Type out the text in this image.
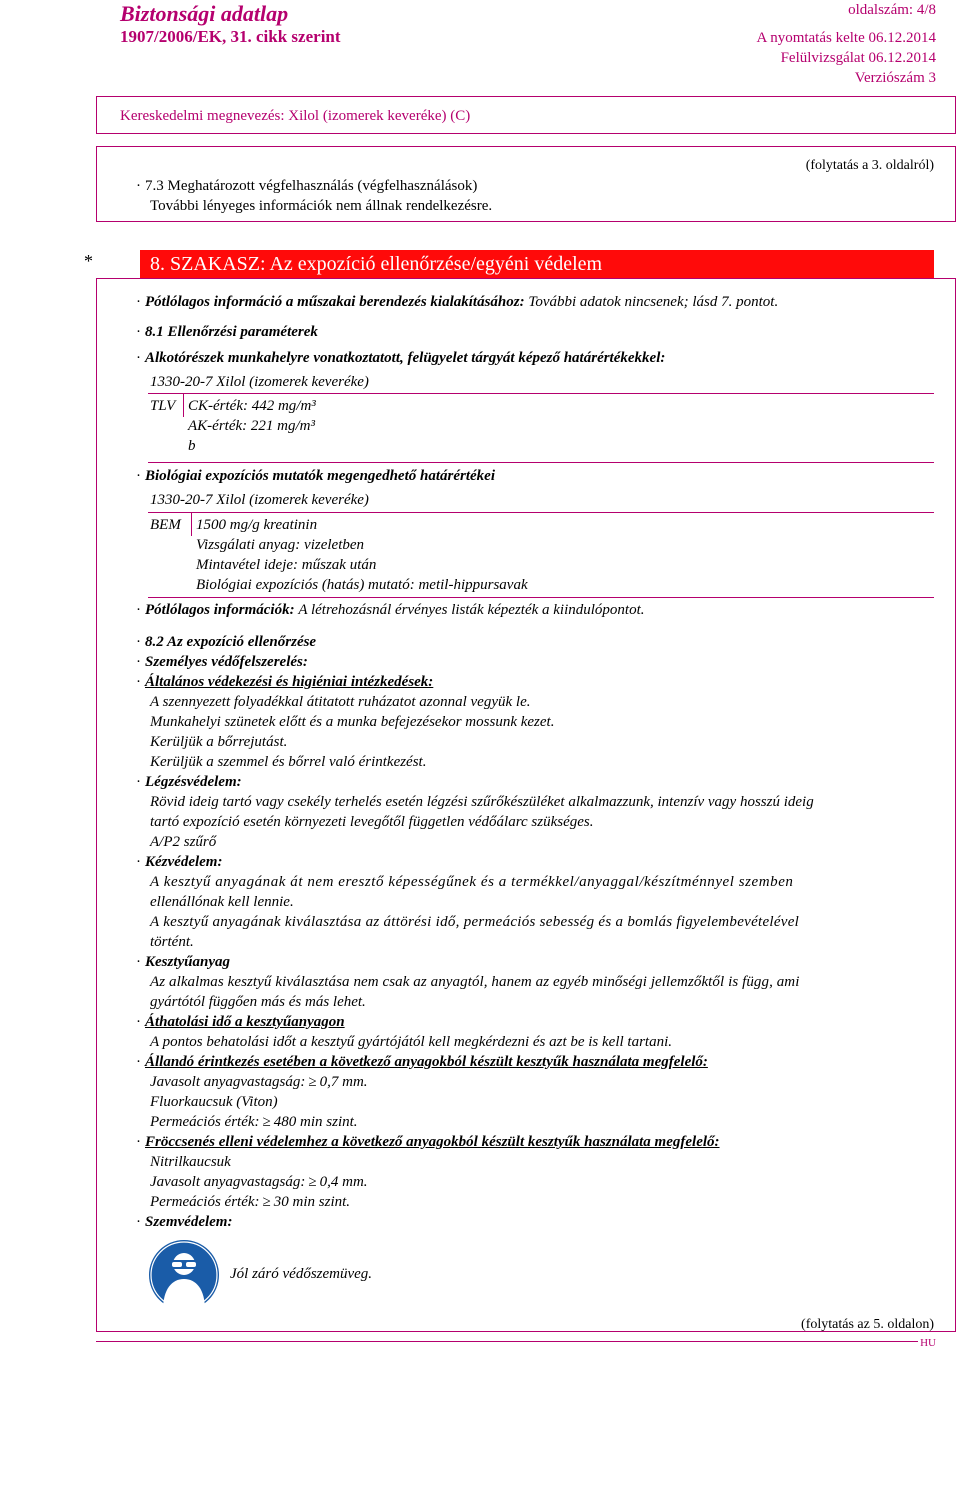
Biztonsági adatlap
1907/2006/EK, 31. cikk szerint
oldalszám: 4/8
A nyomtatás kelte 06.12.2014
Felülvizsgálat 06.12.2014
Verziószám 3
Kereskedelmi megnevezés: Xilol (izomerek keveréke) (C)
(folytatás a 3. oldalról)
· 7.3 Meghatározott végfelhasználás (végfelhasználások)
További lényeges információk nem állnak rendelkezésre.
*	8. SZAKASZ: Az expozíció ellenőrzése/egyéni védelem
· Pótlólagos információ a műszakai berendezés kialakításához: További adatok nincsenek; lásd 7. pontot.
· 8.1 Ellenőrzési paraméterek
· Alkotórészek munkahelyre vonatkoztatott, felügyelet tárgyát képező határértékekkel:
1330-20-7 Xilol (izomerek keveréke)
TLV CK-érték: 442 mg/m³
AK-érték: 221 mg/m³
b
· Biológiai expozíciós mutatók megengedhető határértékei
1330-20-7 Xilol (izomerek keveréke)
BEM 1500 mg/g kreatinin
Vizsgálati anyag: vizeletben
Mintavétel ideje: műszak után
Biológiai expozíciós (hatás) mutató: metil-hippursavak
· Pótlólagos információk: A létrehozásnál érvényes listák képezték a kiindulópontot.
· 8.2 Az expozíció ellenőrzése
· Személyes védőfelszerelés:
· Általános védekezési és higiéniai intézkedések:
A szennyezett folyadékkal átitatott ruházatot azonnal vegyük le.
Munkahelyi szünetek előtt és a munka befejezésekor mossunk kezet.
Kerüljük a bőrrejutást.
Kerüljük a szemmel és bőrrel való érintkezést.
· Légzésvédelem:
Rövid ideig tartó vagy csekély terhelés esetén légzési szűrőkészüléket alkalmazzunk, intenzív vagy hosszú ideig
tartó expozíció esetén környezeti levegőtől független védőálarc szükséges.
A/P2 szűrő
· Kézvédelem:
A kesztyű anyagának át nem eresztő képességűnek és a termékkel/anyaggal/készítménnyel szemben
ellenállónak kell lennie.
A kesztyű anyagának kiválasztása az áttörési idő, permeációs sebesség és a bomlás figyelembevételével
történt.
· Kesztyűanyag
Az alkalmas kesztyű kiválasztása nem csak az anyagtól, hanem az egyéb minőségi jellemzőktől is függ, ami
gyártótól függően más és más lehet.
· Áthatolási idő a kesztyűanyagon
A pontos behatolási időt a kesztyű gyártójától kell megkérdezni és azt be is kell tartani.
· Állandó érintkezés esetében a következő anyagokból készült kesztyűk használata megfelelő:
Javasolt anyagvastagság: ≥ 0,7 mm.
Fluorkaucsuk (Viton)
Permeációs érték: ≥ 480 min szint.
· Fröccsenés elleni védelemhez a következő anyagokból készült kesztyűk használata megfelelő:
Nitrilkaucsuk
Javasolt anyagvastagság: ≥ 0,4 mm.
Permeációs érték: ≥ 30 min szint.
· Szemvédelem:
Jól záró védőszemüveg.
(folytatás az 5. oldalon)
HU
